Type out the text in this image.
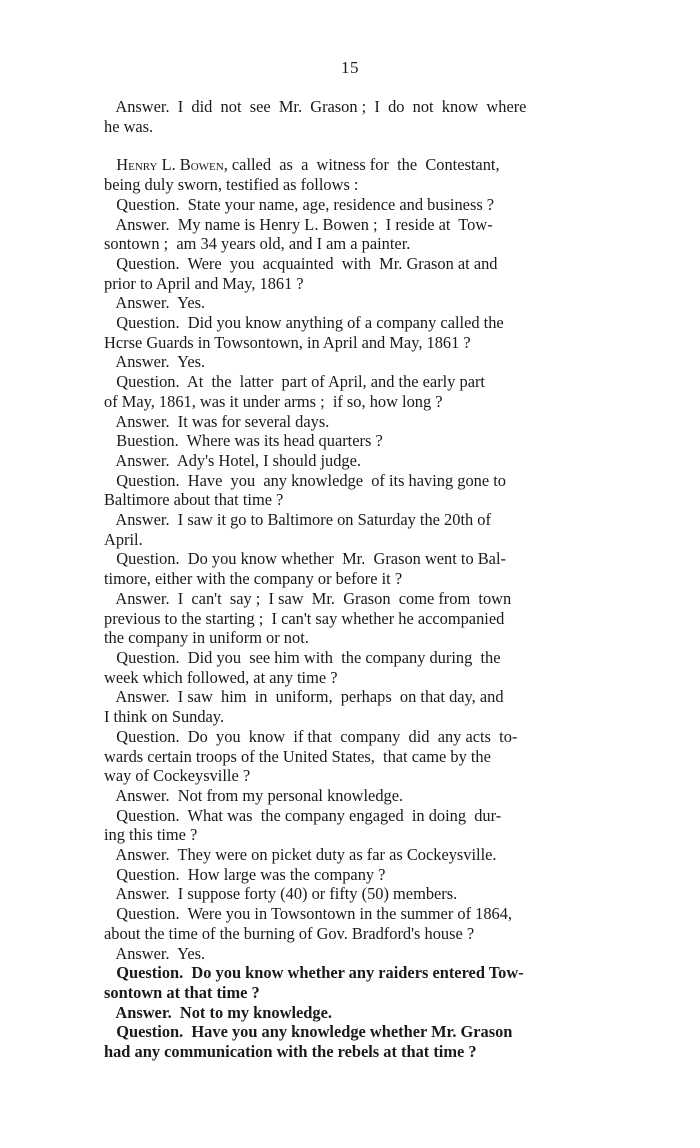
15
Answer.  I  did  not  see  Mr.  Grason ;  I  do  not  know  where
he was.
Henry L. Bowen, called  as  a  witness for  the  Contestant,
being duly sworn, testified as follows :
Question.  State your name, age, residence and business ?
Answer.  My name is Henry L. Bowen ;  I reside at  Tow-
sontown ;  am 34 years old, and I am a painter.
Question.  Were  you  acquainted  with  Mr. Grason at and
prior to April and May, 1861 ?
Answer.  Yes.
Question.  Did you know anything of a company called the
Hcrse Guards in Towsontown, in April and May, 1861 ?
Answer.  Yes.
Question.  At  the  latter  part of April, and the early part
of May, 1861, was it under arms ;  if so, how long ?
Answer.  It was for several days.
Buestion.  Where was its head quarters ?
Answer.  Ady's Hotel, I should judge.
Question.  Have  you  any knowledge  of its having gone to
Baltimore about that time ?
Answer.  I saw it go to Baltimore on Saturday the 20th of
April.
Question.  Do you know whether  Mr.  Grason went to Bal-
timore, either with the company or before it ?
Answer.  I  can't  say ;  I saw  Mr.  Grason  come from  town
previous to the starting ;  I can't say whether he accompanied
the company in uniform or not.
Question.  Did you  see him with  the company during  the
week which followed, at any time ?
Answer.  I saw  him  in  uniform,  perhaps  on that day, and
I think on Sunday.
Question.  Do  you  know  if that  company  did  any acts  to-
wards certain troops of the United States,  that came by the
way of Cockeysville ?
Answer.  Not from my personal knowledge.
Question.  What was  the company engaged  in doing  dur-
ing this time ?
Answer.  They were on picket duty as far as Cockeysville.
Question.  How large was the company ?
Answer.  I suppose forty (40) or fifty (50) members.
Question.  Were you in Towsontown in the summer of 1864,
about the time of the burning of Gov. Bradford's house ?
Answer.  Yes.
Question.  Do you know whether any raiders entered Tow-
sontown at that time ?
Answer.  Not to my knowledge.
Question.  Have you any knowledge whether Mr. Grason
had any communication with the rebels at that time ?
